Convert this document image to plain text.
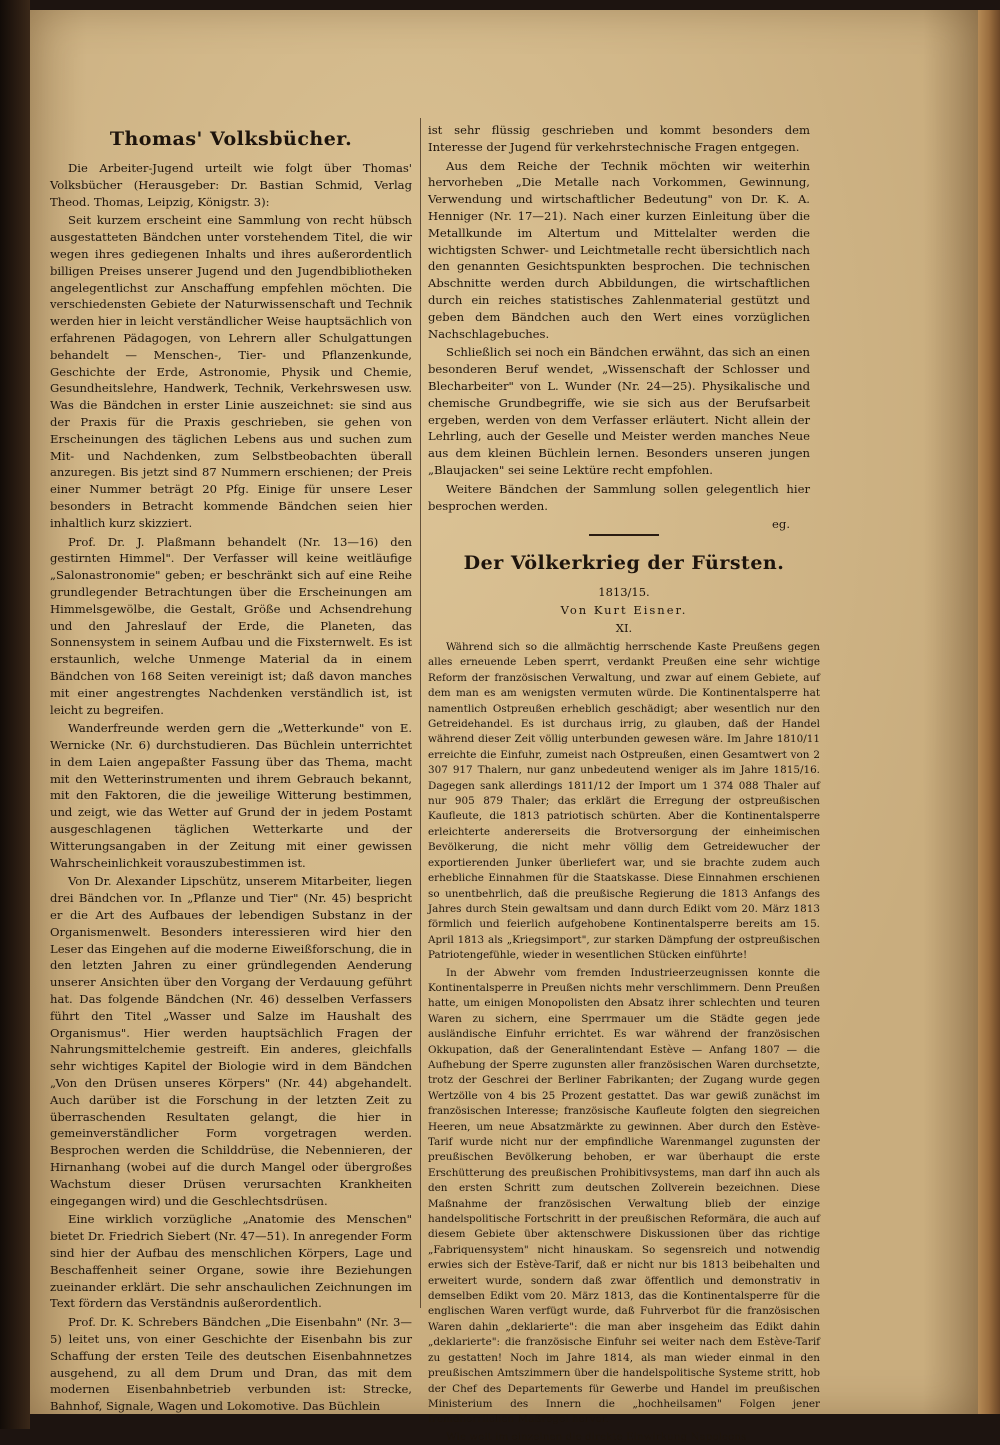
Thomas' Volksbücher.

Die Arbeiter-Jugend urteilt wie folgt über Thomas' Volksbücher (Herausgeber: Dr. Bastian Schmid, Verlag Theod. Thomas, Leipzig, Königstr. 3):

Seit kurzem erscheint eine Sammlung von recht hübsch ausgestatteten Bändchen unter vorstehendem Titel, die wir wegen ihres gediegenen Inhalts und ihres außerordentlich billigen Preises unserer Jugend und den Jugendbibliotheken angelegentlichst zur Anschaffung empfehlen möchten. Die verschiedensten Gebiete der Naturwissenschaft und Technik werden hier in leicht verständlicher Weise hauptsächlich von erfahrenen Pädagogen, von Lehrern aller Schulgattungen behandelt — Menschen-, Tier- und Pflanzenkunde, Geschichte der Erde, Astronomie, Physik und Chemie, Gesundheitslehre, Handwerk, Technik, Verkehrswesen usw. Was die Bändchen in erster Linie auszeichnet: sie sind aus der Praxis für die Praxis geschrieben, sie gehen von Erscheinungen des täglichen Lebens aus und suchen zum Mit- und Nachdenken, zum Selbstbeobachten überall anzuregen. Bis jetzt sind 87 Nummern erschienen; der Preis einer Nummer beträgt 20 Pfg. Einige für unsere Leser besonders in Betracht kommende Bändchen seien hier inhaltlich kurz skizziert.

Prof. Dr. J. Plaßmann behandelt (Nr. 13—16) den gestirnten Himmel". Der Verfasser will keine weitläufige „Salonastronomie" geben; er beschränkt sich auf eine Reihe grundlegender Betrachtungen über die Erscheinungen am Himmelsgewölbe, die Gestalt, Größe und Achsendrehung und den Jahreslauf der Erde, die Planeten, das Sonnensystem in seinem Aufbau und die Fixsternwelt. Es ist erstaunlich, welche Unmenge Material da in einem Bändchen von 168 Seiten vereinigt ist; daß davon manches mit einer angestrengtes Nachdenken verständlich ist, ist leicht zu begreifen.

Wanderfreunde werden gern die „Wetterkunde" von E. Wernicke (Nr. 6) durchstudieren. Das Büchlein unterrichtet in dem Laien angepaßter Fassung über das Thema, macht mit den Wetterinstrumenten und ihrem Gebrauch bekannt, mit den Faktoren, die die jeweilige Witterung bestimmen, und zeigt, wie das Wetter auf Grund der in jedem Postamt ausgeschlagenen täglichen Wetterkarte und der Witterungsangaben in der Zeitung mit einer gewissen Wahrscheinlichkeit vorauszubestimmen ist.

Von Dr. Alexander Lipschütz, unserem Mitarbeiter, liegen drei Bändchen vor. In „Pflanze und Tier" (Nr. 45) bespricht er die Art des Aufbaues der lebendigen Substanz in der Organismenwelt. Besonders interessieren wird hier den Leser das Eingehen auf die moderne Eiweißforschung, die in den letzten Jahren zu einer gründlegenden Aenderung unserer Ansichten über den Vorgang der Verdauung geführt hat. Das folgende Bändchen (Nr. 46) desselben Verfassers führt den Titel „Wasser und Salze im Haushalt des Organismus". Hier werden hauptsächlich Fragen der Nahrungsmittelchemie gestreift. Ein anderes, gleichfalls sehr wichtiges Kapitel der Biologie wird in dem Bändchen „Von den Drüsen unseres Körpers" (Nr. 44) abgehandelt. Auch darüber ist die Forschung in der letzten Zeit zu überraschenden Resultaten gelangt, die hier in gemeinverständlicher Form vorgetragen werden. Besprochen werden die Schilddrüse, die Nebennieren, der Hirnanhang (wobei auf die durch Mangel oder übergroßes Wachstum dieser Drüsen verursachten Krankheiten eingegangen wird) und die Geschlechtsdrüsen.

Eine wirklich vorzügliche „Anatomie des Menschen" bietet Dr. Friedrich Siebert (Nr. 47—51). In anregender Form sind hier der Aufbau des menschlichen Körpers, Lage und Beschaffenheit seiner Organe, sowie ihre Beziehungen zueinander erklärt. Die sehr anschaulichen Zeichnungen im Text fördern das Verständnis außerordentlich.

Prof. Dr. K. Schrebers Bändchen „Die Eisenbahn" (Nr. 3—5) leitet uns, von einer Geschichte der Eisenbahn bis zur Schaffung der ersten Teile des deutschen Eisenbahnnetzes ausgehend, zu all dem Drum und Dran, das mit dem modernen Eisenbahnbetrieb verbunden ist: Strecke, Bahnhof, Signale, Wagen und Lokomotive. Das Büchlein

ist sehr flüssig geschrieben und kommt besonders dem Interesse der Jugend für verkehrstechnische Fragen entgegen.

Aus dem Reiche der Technik möchten wir weiterhin hervorheben „Die Metalle nach Vorkommen, Gewinnung, Verwendung und wirtschaftlicher Bedeutung" von Dr. K. A. Henniger (Nr. 17—21). Nach einer kurzen Einleitung über die Metallkunde im Altertum und Mittelalter werden die wichtigsten Schwer- und Leichtmetalle recht übersichtlich nach den genannten Gesichtspunkten besprochen. Die technischen Abschnitte werden durch Abbildungen, die wirtschaftlichen durch ein reiches statistisches Zahlenmaterial gestützt und geben dem Bändchen auch den Wert eines vorzüglichen Nachschlagebuches.

Schließlich sei noch ein Bändchen erwähnt, das sich an einen besonderen Beruf wendet, „Wissenschaft der Schlosser und Blecharbeiter" von L. Wunder (Nr. 24—25). Physikalische und chemische Grundbegriffe, wie sie sich aus der Berufsarbeit ergeben, werden von dem Verfasser erläutert. Nicht allein der Lehrling, auch der Geselle und Meister werden manches Neue aus dem kleinen Büchlein lernen. Besonders unseren jungen „Blaujacken" sei seine Lektüre recht empfohlen.

Weitere Bändchen der Sammlung sollen gelegentlich hier besprochen werden.

eg.

Der Völkerkrieg der Fürsten.

1813/15.

Von Kurt Eisner.

XI.

Während sich so die allmächtig herrschende Kaste Preußens gegen alles erneuende Leben sperrt, verdankt Preußen eine sehr wichtige Reform der französischen Verwaltung, und zwar auf einem Gebiete, auf dem man es am wenigsten vermuten würde. Die Kontinentalsperre hat namentlich Ostpreußen erheblich geschädigt; aber wesentlich nur den Getreidehandel. Es ist durchaus irrig, zu glauben, daß der Handel während dieser Zeit völlig unterbunden gewesen wäre. Im Jahre 1810/11 erreichte die Einfuhr, zumeist nach Ostpreußen, einen Gesamtwert von 2 307 917 Thalern, nur ganz unbedeutend weniger als im Jahre 1815/16. Dagegen sank allerdings 1811/12 der Import um 1 374 088 Thaler auf nur 905 879 Thaler; das erklärt die Erregung der ostpreußischen Kaufleute, die 1813 patriotisch schürten. Aber die Kontinentalsperre erleichterte andererseits die Brotversorgung der einheimischen Bevölkerung, die nicht mehr völlig dem Getreidewucher der exportierenden Junker überliefert war, und sie brachte zudem auch erhebliche Einnahmen für die Staatskasse. Diese Einnahmen erschienen so unentbehrlich, daß die preußische Regierung die 1813 Anfangs des Jahres durch Stein gewaltsam und dann durch Edikt vom 20. März 1813 förmlich und feierlich aufgehobene Kontinentalsperre bereits am 15. April 1813 als „Kriegsimport", zur starken Dämpfung der ostpreußischen Patriotengefühle, wieder in wesentlichen Stücken einführte!

In der Abwehr vom fremden Industrieerzeugnissen konnte die Kontinentalsperre in Preußen nichts mehr verschlimmern. Denn Preußen hatte, um einigen Monopolisten den Absatz ihrer schlechten und teuren Waren zu sichern, eine Sperrmauer um die Städte gegen jede ausländische Einfuhr errichtet. Es war während der französischen Okkupation, daß der Generalintendant Estève — Anfang 1807 — die Aufhebung der Sperre zugunsten aller französischen Waren durchsetzte, trotz der Geschrei der Berliner Fabrikanten; der Zugang wurde gegen Wertzölle von 4 bis 25 Prozent gestattet. Das war gewiß zunächst im französischen Interesse; französische Kaufleute folgten den siegreichen Heeren, um neue Absatzmärkte zu gewinnen. Aber durch den Estève-Tarif wurde nicht nur der empfindliche Warenmangel zugunsten der preußischen Bevölkerung behoben, er war überhaupt die erste Erschütterung des preußischen Prohibitivsystems, man darf ihn auch als den ersten Schritt zum deutschen Zollverein bezeichnen. Diese Maßnahme der französischen Verwaltung blieb der einzige handelspolitische Fortschritt in der preußischen Reformära, die auch auf diesem Gebiete über aktenschwere Diskussionen über das richtige „Fabriquensystem" nicht hinauskam. So segensreich und notwendig erwies sich der Estève-Tarif, daß er nicht nur bis 1813 beibehalten und erweitert wurde, sondern daß zwar öffentlich und demonstrativ in demselben Edikt vom 20. März 1813, das die Kontinentalsperre für die englischen Waren verfügt wurde, daß Fuhrverbot für die französischen Waren dahin „deklarierte": die man aber insgeheim das Edikt dahin „deklarierte": die französische Einfuhr sei weiter nach dem Estève-Tarif zu gestatten! Noch im Jahre 1814, als man wieder einmal in den preußischen Amtszimmern über die handelspolitische Systeme stritt, hob der Chef des Departements für Gewerbe und Handel im preußischen Ministerium des Innern die „hochheilsamen" Folgen jener fremdherrlichen Maßregel hervor.

Wie weit im einzelnen die direkte Einwirkung Napoleons
